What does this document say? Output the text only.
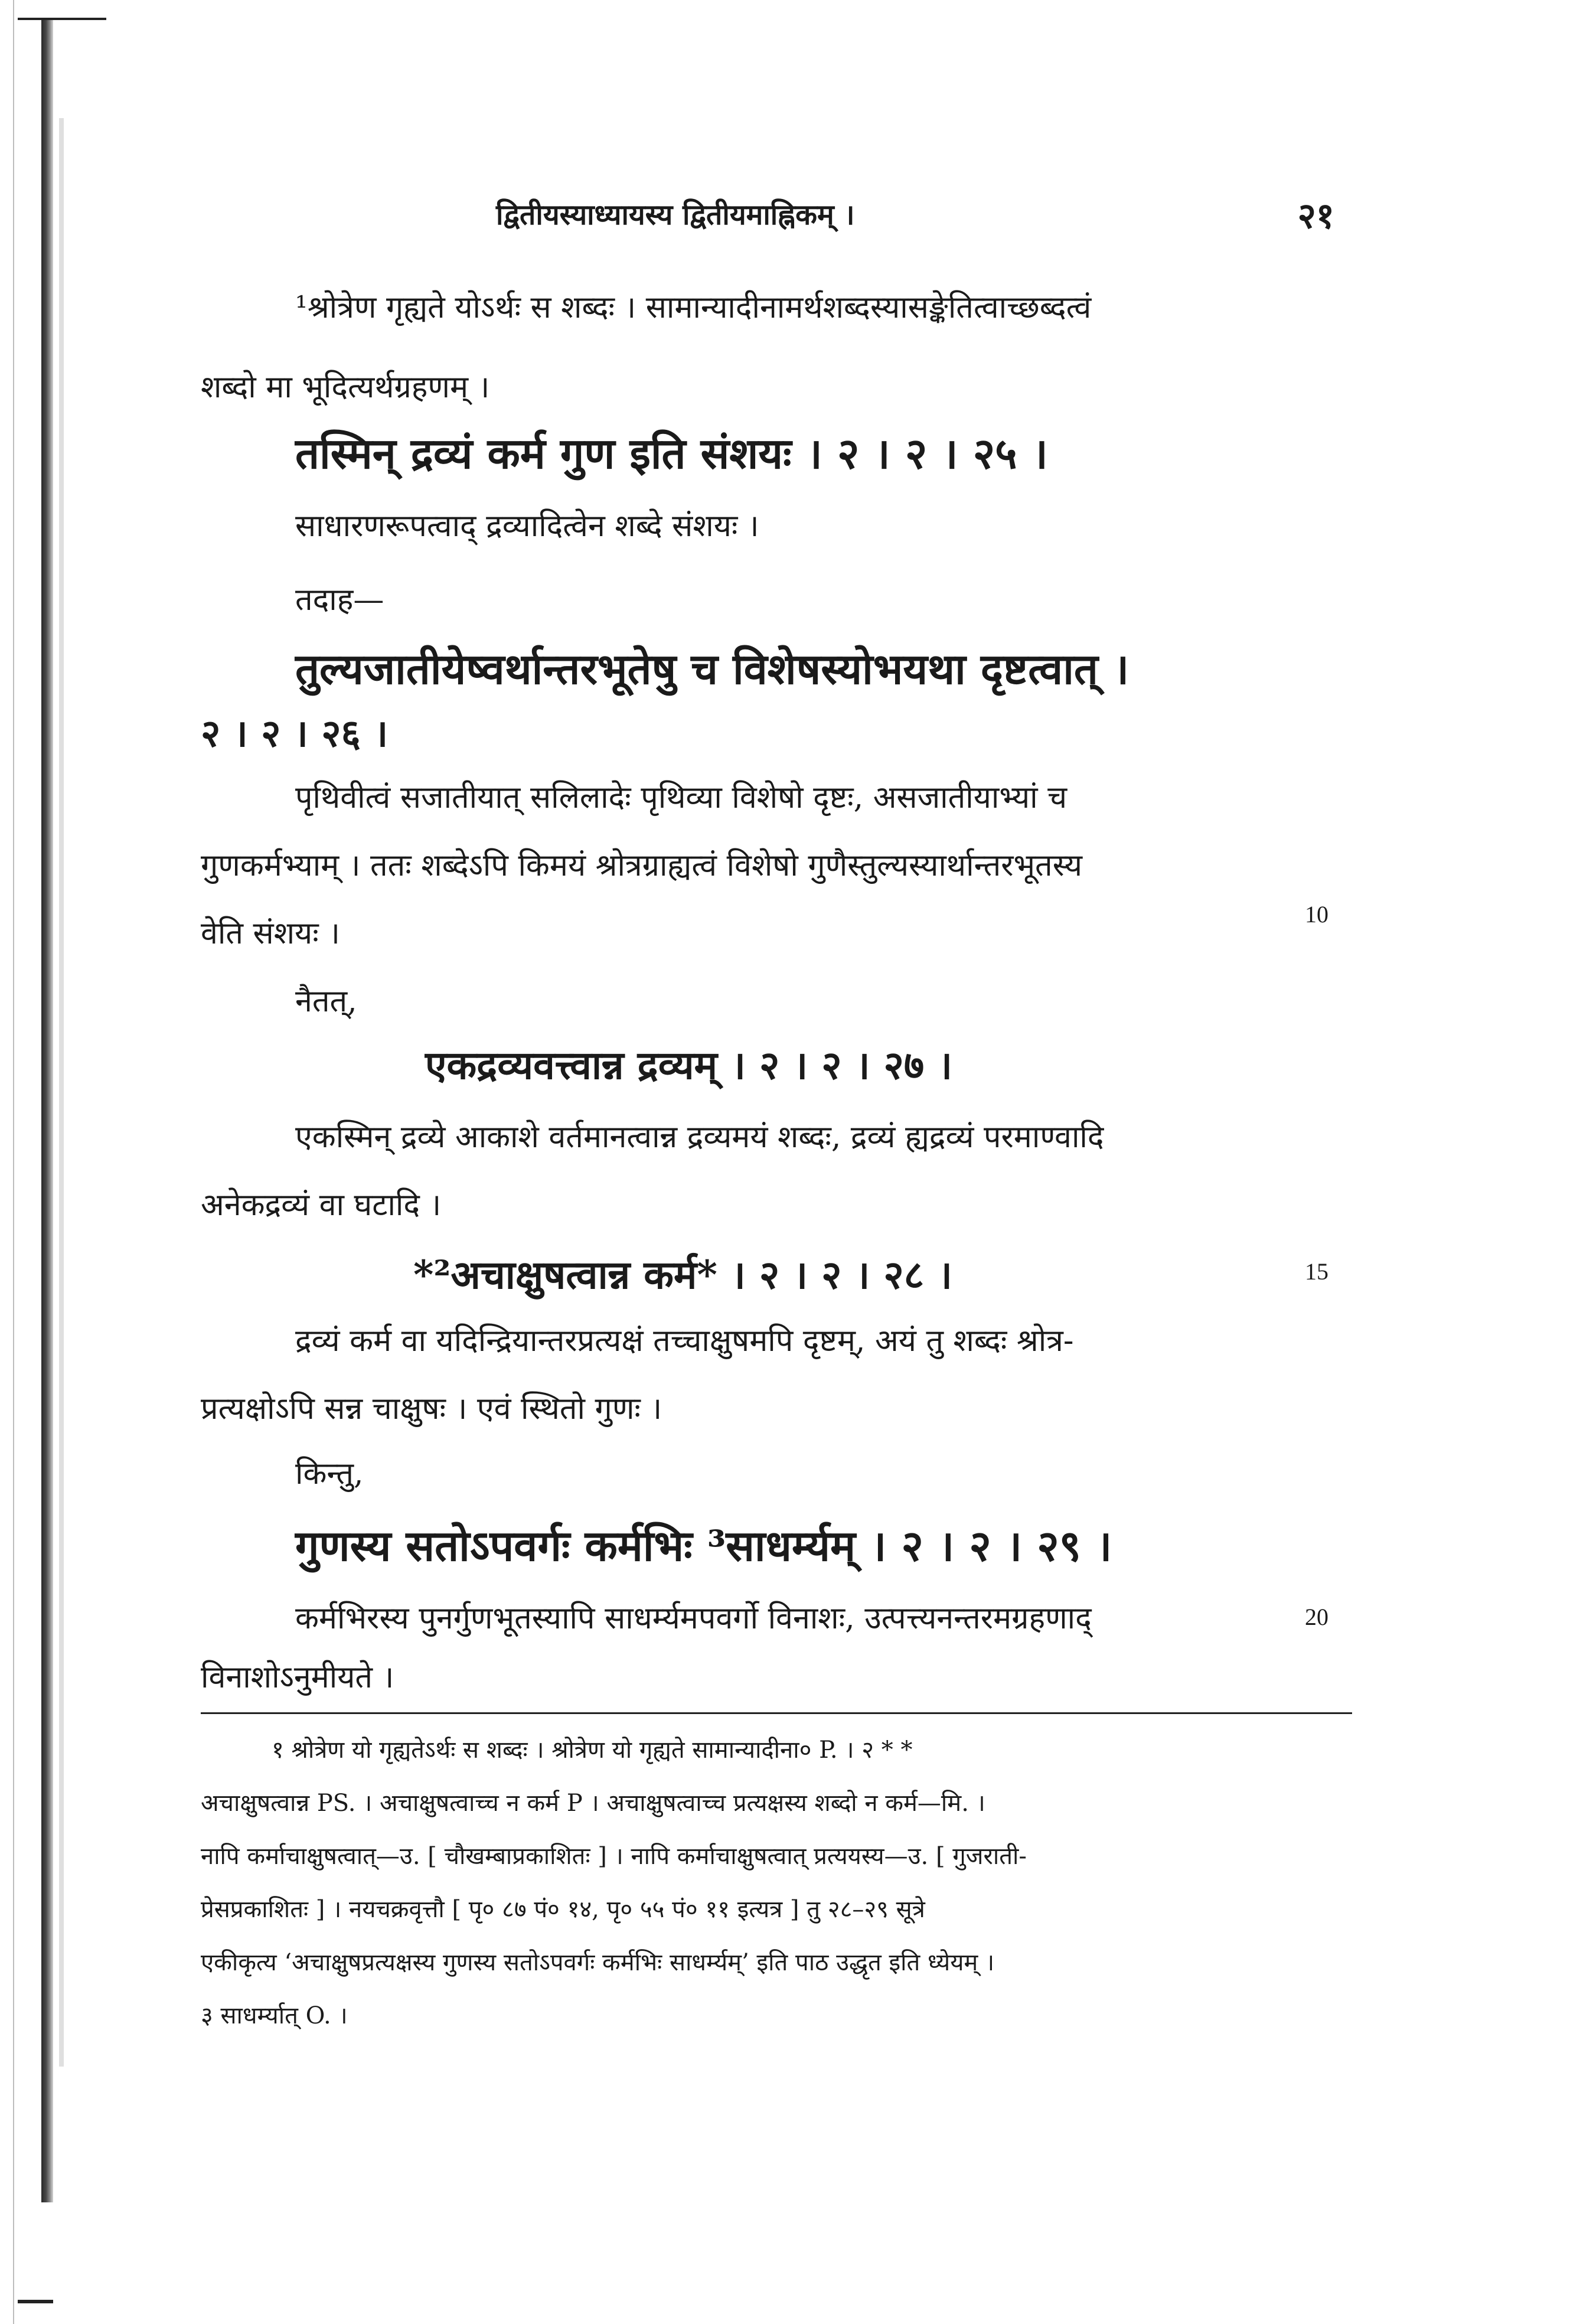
द्वितीयस्याध्यायस्य द्वितीयमाह्निकम् ।	२१
¹श्रोत्रेण गृह्यते योऽर्थः स शब्दः । सामान्यादीनामर्थशब्दस्यासङ्केतित्वाच्छब्दत्वं
शब्दो मा भूदित्यर्थग्रहणम् ।
तस्मिन् द्रव्यं कर्म गुण इति संशयः । २ । २ । २५ ।
साधारणरूपत्वाद् द्रव्यादित्वेन शब्दे संशयः ।
तदाह—
तुल्यजातीयेष्वर्थान्तरभूतेषु च विशेषस्योभयथा दृष्टत्वात् ।
२ । २ । २६ ।
पृथिवीत्वं सजातीयात् सलिलादेः पृथिव्या विशेषो दृष्टः, असजातीयाभ्यां च
गुणकर्मभ्याम् । ततः शब्देऽपि किमयं श्रोत्रग्राह्यत्वं विशेषो गुणैस्तुल्यस्यार्थान्तरभूतस्य
वेति संशयः ।
10
नैतत्,
एकद्रव्यवत्त्वान्न द्रव्यम् । २ । २ । २७ ।
एकस्मिन् द्रव्ये आकाशे वर्तमानत्वान्न द्रव्यमयं शब्दः, द्रव्यं ह्यद्रव्यं परमाण्वादि
अनेकद्रव्यं वा घटादि ।
*²अचाक्षुषत्वान्न कर्म* । २ । २ । २८ ।	15
द्रव्यं कर्म वा यदिन्द्रियान्तरप्रत्यक्षं तच्चाक्षुषमपि दृष्टम्, अयं तु शब्दः श्रोत्र-
प्रत्यक्षोऽपि सन्न चाक्षुषः । एवं स्थितो गुणः ।
किन्तु,
गुणस्य सतोऽपवर्गः कर्मभिः ³साधर्म्यम् । २ । २ । २९ ।
कर्मभिरस्य पुनर्गुणभूतस्यापि साधर्म्यमपवर्गो विनाशः, उत्पत्त्यनन्तरमग्रहणाद्	20
विनाशोऽनुमीयते ।
१ श्रोत्रेण यो गृह्यतेऽर्थः स शब्दः । श्रोत्रेण यो गृह्यते सामान्यादीना० P. । २ * *
अचाक्षुषत्वान्न PS. । अचाक्षुषत्वाच्च न कर्म P । अचाक्षुषत्वाच्च प्रत्यक्षस्य शब्दो न कर्म—मि. ।
नापि कर्माचाक्षुषत्वात्—उ. [ चौखम्बाप्रकाशितः ] । नापि कर्माचाक्षुषत्वात् प्रत्ययस्य—उ. [ गुजराती-
प्रेसप्रकाशितः ] । नयचक्रवृत्तौ [ पृ० ८७ पं० १४, पृ० ५५ पं० ११ इत्यत्र ] तु २८–२९ सूत्रे
एकीकृत्य ‘अचाक्षुषप्रत्यक्षस्य गुणस्य सतोऽपवर्गः कर्मभिः साधर्म्यम्’ इति पाठ उद्धृत इति ध्येयम् ।
३ साधर्म्यात् O. ।
